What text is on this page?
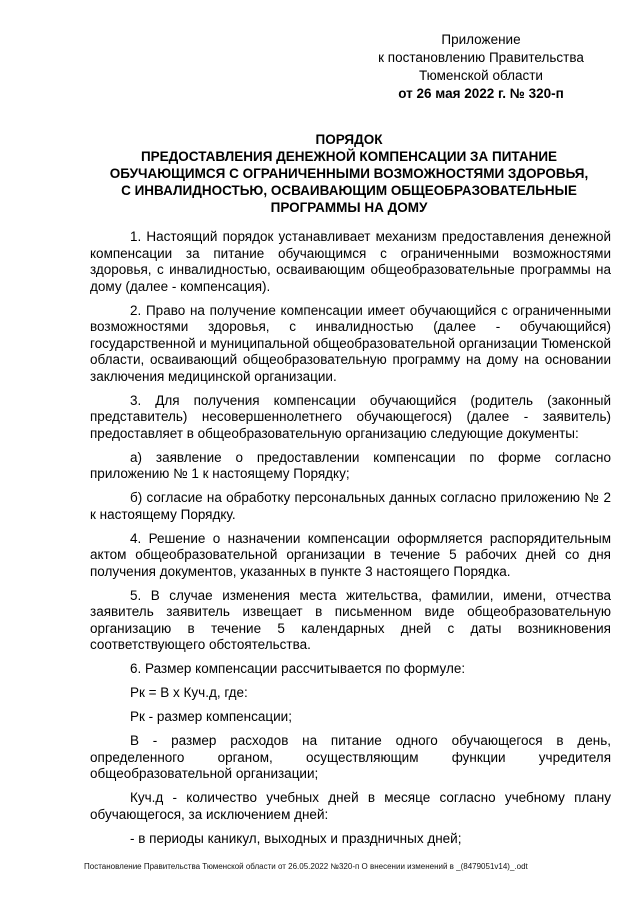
Приложение
к постановлению Правительства
Тюменской области
от 26 мая 2022 г. № 320-п
ПОРЯДОК
ПРЕДОСТАВЛЕНИЯ ДЕНЕЖНОЙ КОМПЕНСАЦИИ ЗА ПИТАНИЕ
ОБУЧАЮЩИМСЯ С ОГРАНИЧЕННЫМИ ВОЗМОЖНОСТЯМИ ЗДОРОВЬЯ,
С ИНВАЛИДНОСТЬЮ, ОСВАИВАЮЩИМ ОБЩЕОБРАЗОВАТЕЛЬНЫЕ
ПРОГРАММЫ НА ДОМУ

1. Настоящий порядок устанавливает механизм предоставления денежной компенсации за питание обучающимся с ограниченными возможностями здоровья, с инвалидностью, осваивающим общеобразовательные программы на дому (далее - компенсация).

2. Право на получение компенсации имеет обучающийся с ограниченными возможностями здоровья, с инвалидностью (далее - обучающийся) государственной и муниципальной общеобразовательной организации Тюменской области, осваивающий общеобразовательную программу на дому на основании заключения медицинской организации.

3. Для получения компенсации обучающийся (родитель (законный представитель) несовершеннолетнего обучающегося) (далее - заявитель) предоставляет в общеобразовательную организацию следующие документы:

а) заявление о предоставлении компенсации по форме согласно приложению № 1 к настоящему Порядку;

б) согласие на обработку персональных данных согласно приложению № 2 к настоящему Порядку.

4. Решение о назначении компенсации оформляется распорядительным актом общеобразовательной организации в течение 5 рабочих дней со дня получения документов, указанных в пункте 3 настоящего Порядка.

5. В случае изменения места жительства, фамилии, имени, отчества заявитель заявитель извещает в письменном виде общеобразовательную организацию в течение 5 календарных дней с даты возникновения соответствующего обстоятельства.

6. Размер компенсации рассчитывается по формуле:

Рк = В х Куч.д, где:

Рк - размер компенсации;

В - размер расходов на питание одного обучающегося в день, определенного органом, осуществляющим функции учредителя общеобразовательной организации;

Куч.д - количество учебных дней в месяце согласно учебному плану обучающегося, за исключением дней:

- в периоды каникул, выходных и праздничных дней;

Постановление Правительства Тюменской области от 26.05.2022 №320-п О внесении изменений в _(8479051v14)_.odt
